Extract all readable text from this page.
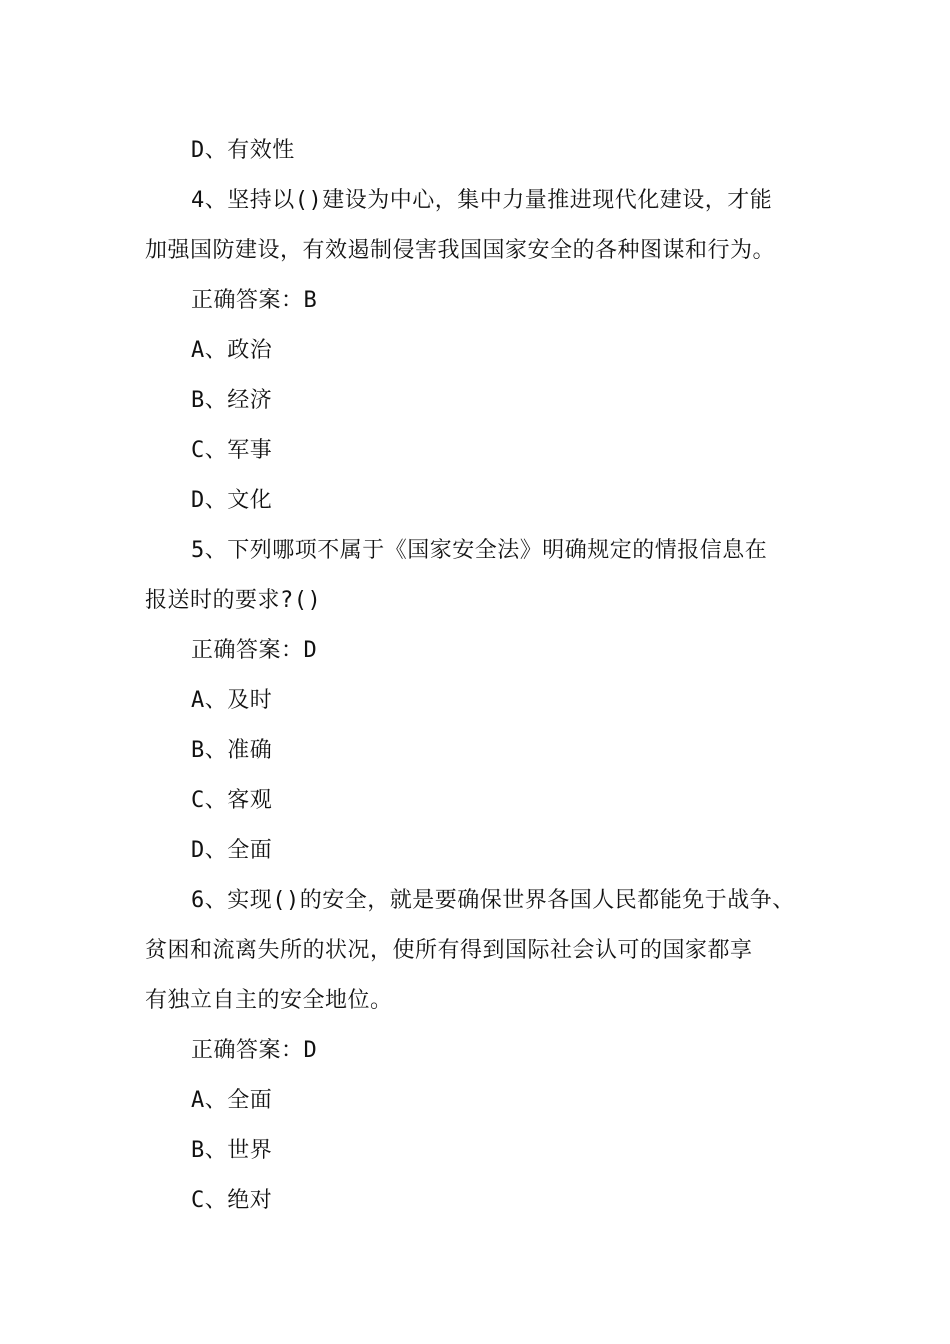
D、有效性
4、坚持以()建设为中心，集中力量推进现代化建设，才能
加强国防建设，有效遏制侵害我国国家安全的各种图谋和行为。
正确答案：B
A、政治
B、经济
C、军事
D、文化
5、下列哪项不属于《国家安全法》明确规定的情报信息在
报送时的要求?()
正确答案：D
A、及时
B、准确
C、客观
D、全面
6、实现()的安全，就是要确保世界各国人民都能免于战争、
贫困和流离失所的状况，使所有得到国际社会认可的国家都享
有独立自主的安全地位。
正确答案：D
A、全面
B、世界
C、绝对
